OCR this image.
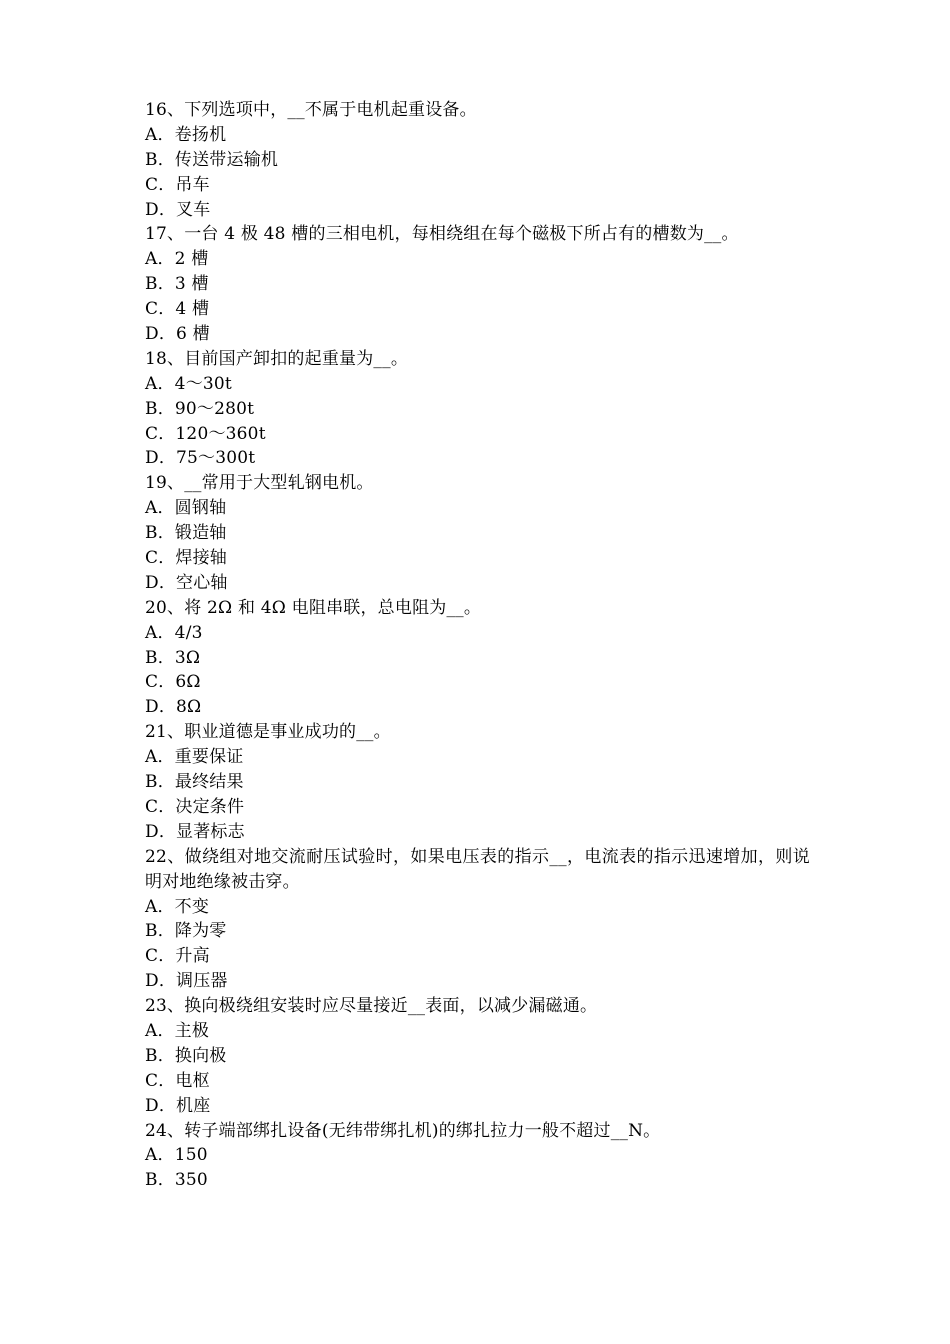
16、下列选项中，__不属于电机起重设备。
A．卷扬机
B．传送带运输机
C．吊车
D．叉车
17、一台 4 极 48 槽的三相电机，每相绕组在每个磁极下所占有的槽数为__。
A．2 槽
B．3 槽
C．4 槽
D．6 槽
18、目前国产卸扣的起重量为__。
A．4～30t
B．90～280t
C．120～360t
D．75～300t
19、__常用于大型轧钢电机。
A．圆钢轴
B．锻造轴
C．焊接轴
D．空心轴
20、将 2Ω 和 4Ω 电阻串联，总电阻为__。
A．4/3
B．3Ω
C．6Ω
D．8Ω
21、职业道德是事业成功的__。
A．重要保证
B．最终结果
C．决定条件
D．显著标志
22、做绕组对地交流耐压试验时，如果电压表的指示__，电流表的指示迅速增加，则说明对地绝缘被击穿。
A．不变
B．降为零
C．升高
D．调压器
23、换向极绕组安装时应尽量接近__表面，以减少漏磁通。
A．主极
B．换向极
C．电枢
D．机座
24、转子端部绑扎设备(无纬带绑扎机)的绑扎拉力一般不超过__N。
A．150
B．350
